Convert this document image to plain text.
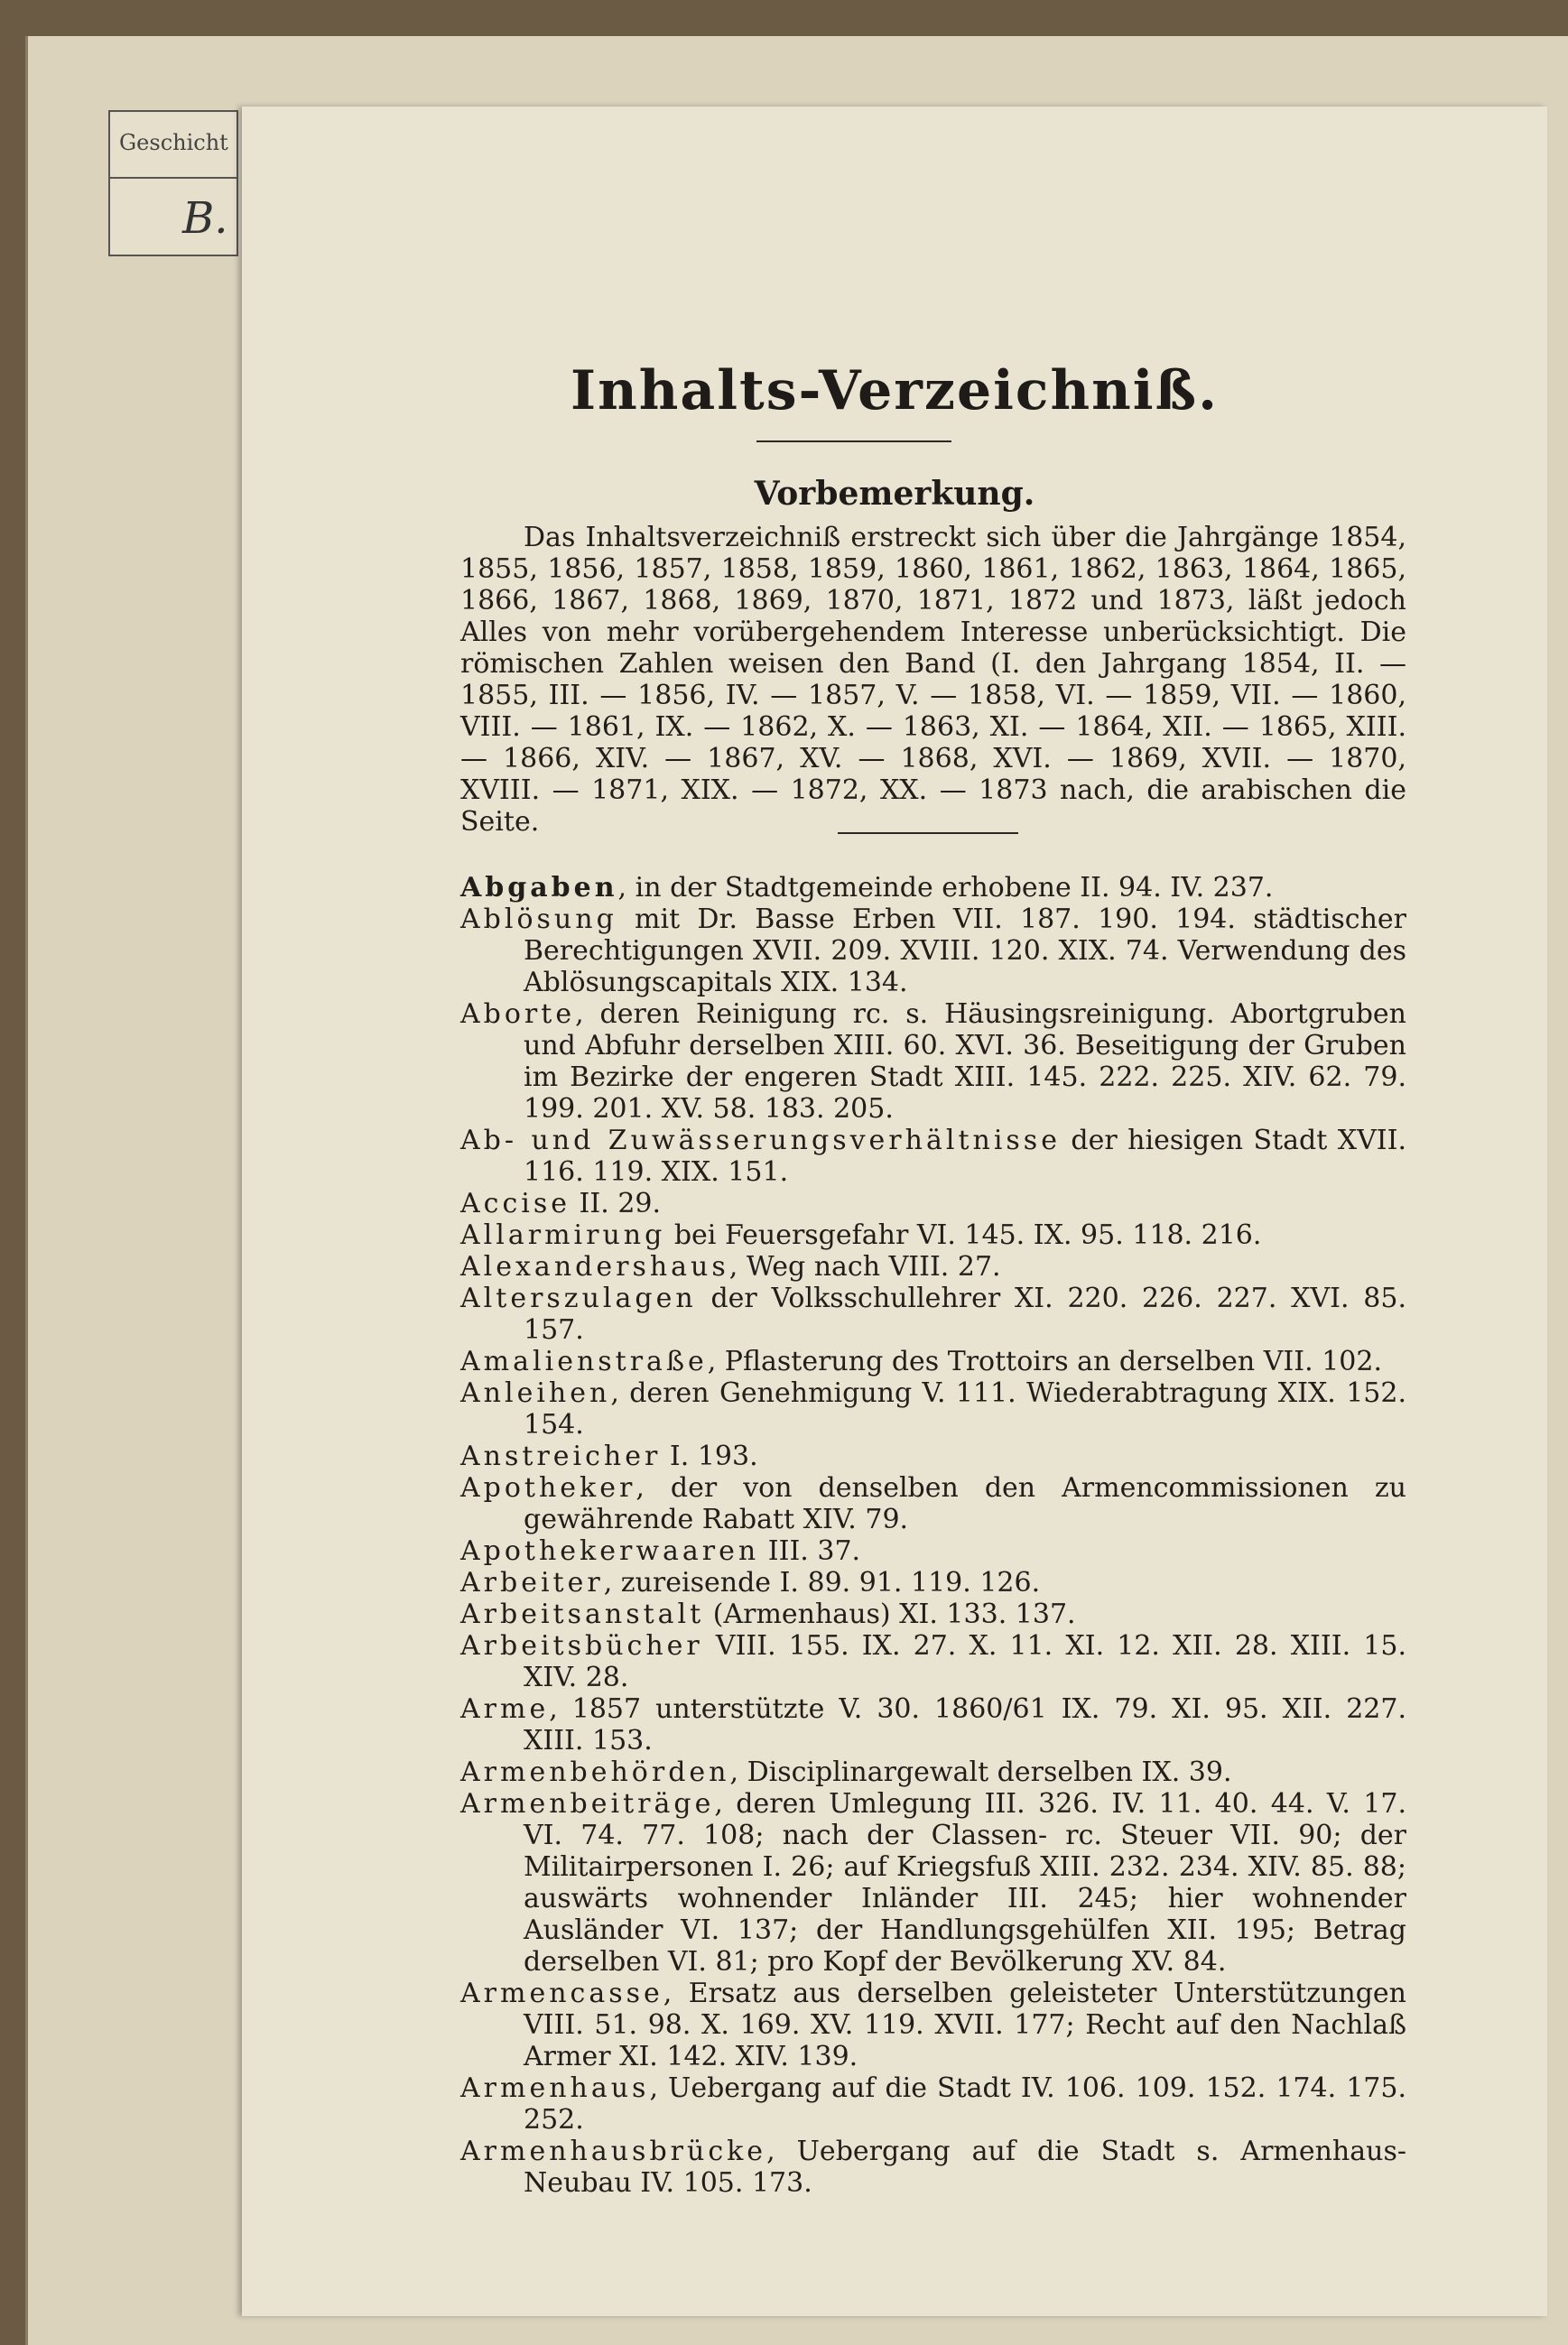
Geschicht
B.
Inhalts-Verzeichniß.
Vorbemerkung.

Das Inhaltsverzeichniß erstreckt sich über die Jahrgänge 1854, 1855, 1856, 1857, 1858, 1859, 1860, 1861, 1862, 1863, 1864, 1865, 1866, 1867, 1868, 1869, 1870, 1871, 1872 und 1873, läßt jedoch Alles von mehr vorübergehendem Interesse unberücksichtigt. Die römischen Zahlen weisen den Band (I. den Jahrgang 1854, II. — 1855, III. — 1856, IV. — 1857, V. — 1858, VI. — 1859, VII. — 1860, VIII. — 1861, IX. — 1862, X. — 1863, XI. — 1864, XII. — 1865, XIII. — 1866, XIV. — 1867, XV. — 1868, XVI. — 1869, XVII. — 1870, XVIII. — 1871, XIX. — 1872, XX. — 1873 nach, die arabischen die Seite.

Abgaben, in der Stadtgemeinde erhobene II. 94. IV. 237.

Ablösung mit Dr. Basse Erben VII. 187. 190. 194. städtischer Berechtigungen XVII. 209. XVIII. 120. XIX. 74. Verwendung des Ablösungscapitals XIX. 134.

Aborte, deren Reinigung rc. s. Häusingsreinigung. Abortgruben und Abfuhr derselben XIII. 60. XVI. 36. Beseitigung der Gruben im Bezirke der engeren Stadt XIII. 145. 222. 225. XIV. 62. 79. 199. 201. XV. 58. 183. 205.

Ab- und Zuwässerungsverhältnisse der hiesigen Stadt XVII. 116. 119. XIX. 151.

Accise II. 29.

Allarmirung bei Feuersgefahr VI. 145. IX. 95. 118. 216.

Alexandershaus, Weg nach VIII. 27.

Alterszulagen der Volksschullehrer XI. 220. 226. 227. XVI. 85. 157.

Amalienstraße, Pflasterung des Trottoirs an derselben VII. 102.

Anleihen, deren Genehmigung V. 111. Wiederabtragung XIX. 152. 154.

Anstreicher I. 193.

Apotheker, der von denselben den Armencommissionen zu gewährende Rabatt XIV. 79.

Apothekerwaaren III. 37.

Arbeiter, zureisende I. 89. 91. 119. 126.

Arbeitsanstalt (Armenhaus) XI. 133. 137.

Arbeitsbücher VIII. 155. IX. 27. X. 11. XI. 12. XII. 28. XIII. 15. XIV. 28.

Arme, 1857 unterstützte V. 30. 1860/61 IX. 79. XI. 95. XII. 227. XIII. 153.

Armenbehörden, Disciplinargewalt derselben IX. 39.

Armenbeiträge, deren Umlegung III. 326. IV. 11. 40. 44. V. 17. VI. 74. 77. 108; nach der Classen- rc. Steuer VII. 90; der Militairpersonen I. 26; auf Kriegsfuß XIII. 232. 234. XIV. 85. 88; auswärts wohnender Inländer III. 245; hier wohnender Ausländer VI. 137; der Handlungsgehülfen XII. 195; Betrag derselben VI. 81; pro Kopf der Bevölkerung XV. 84.

Armencasse, Ersatz aus derselben geleisteter Unterstützungen VIII. 51. 98. X. 169. XV. 119. XVII. 177; Recht auf den Nachlaß Armer XI. 142. XIV. 139.

Armenhaus, Uebergang auf die Stadt IV. 106. 109. 152. 174. 175. 252.

Armenhausbrücke, Uebergang auf die Stadt s. Armenhaus-Neubau IV. 105. 173.
